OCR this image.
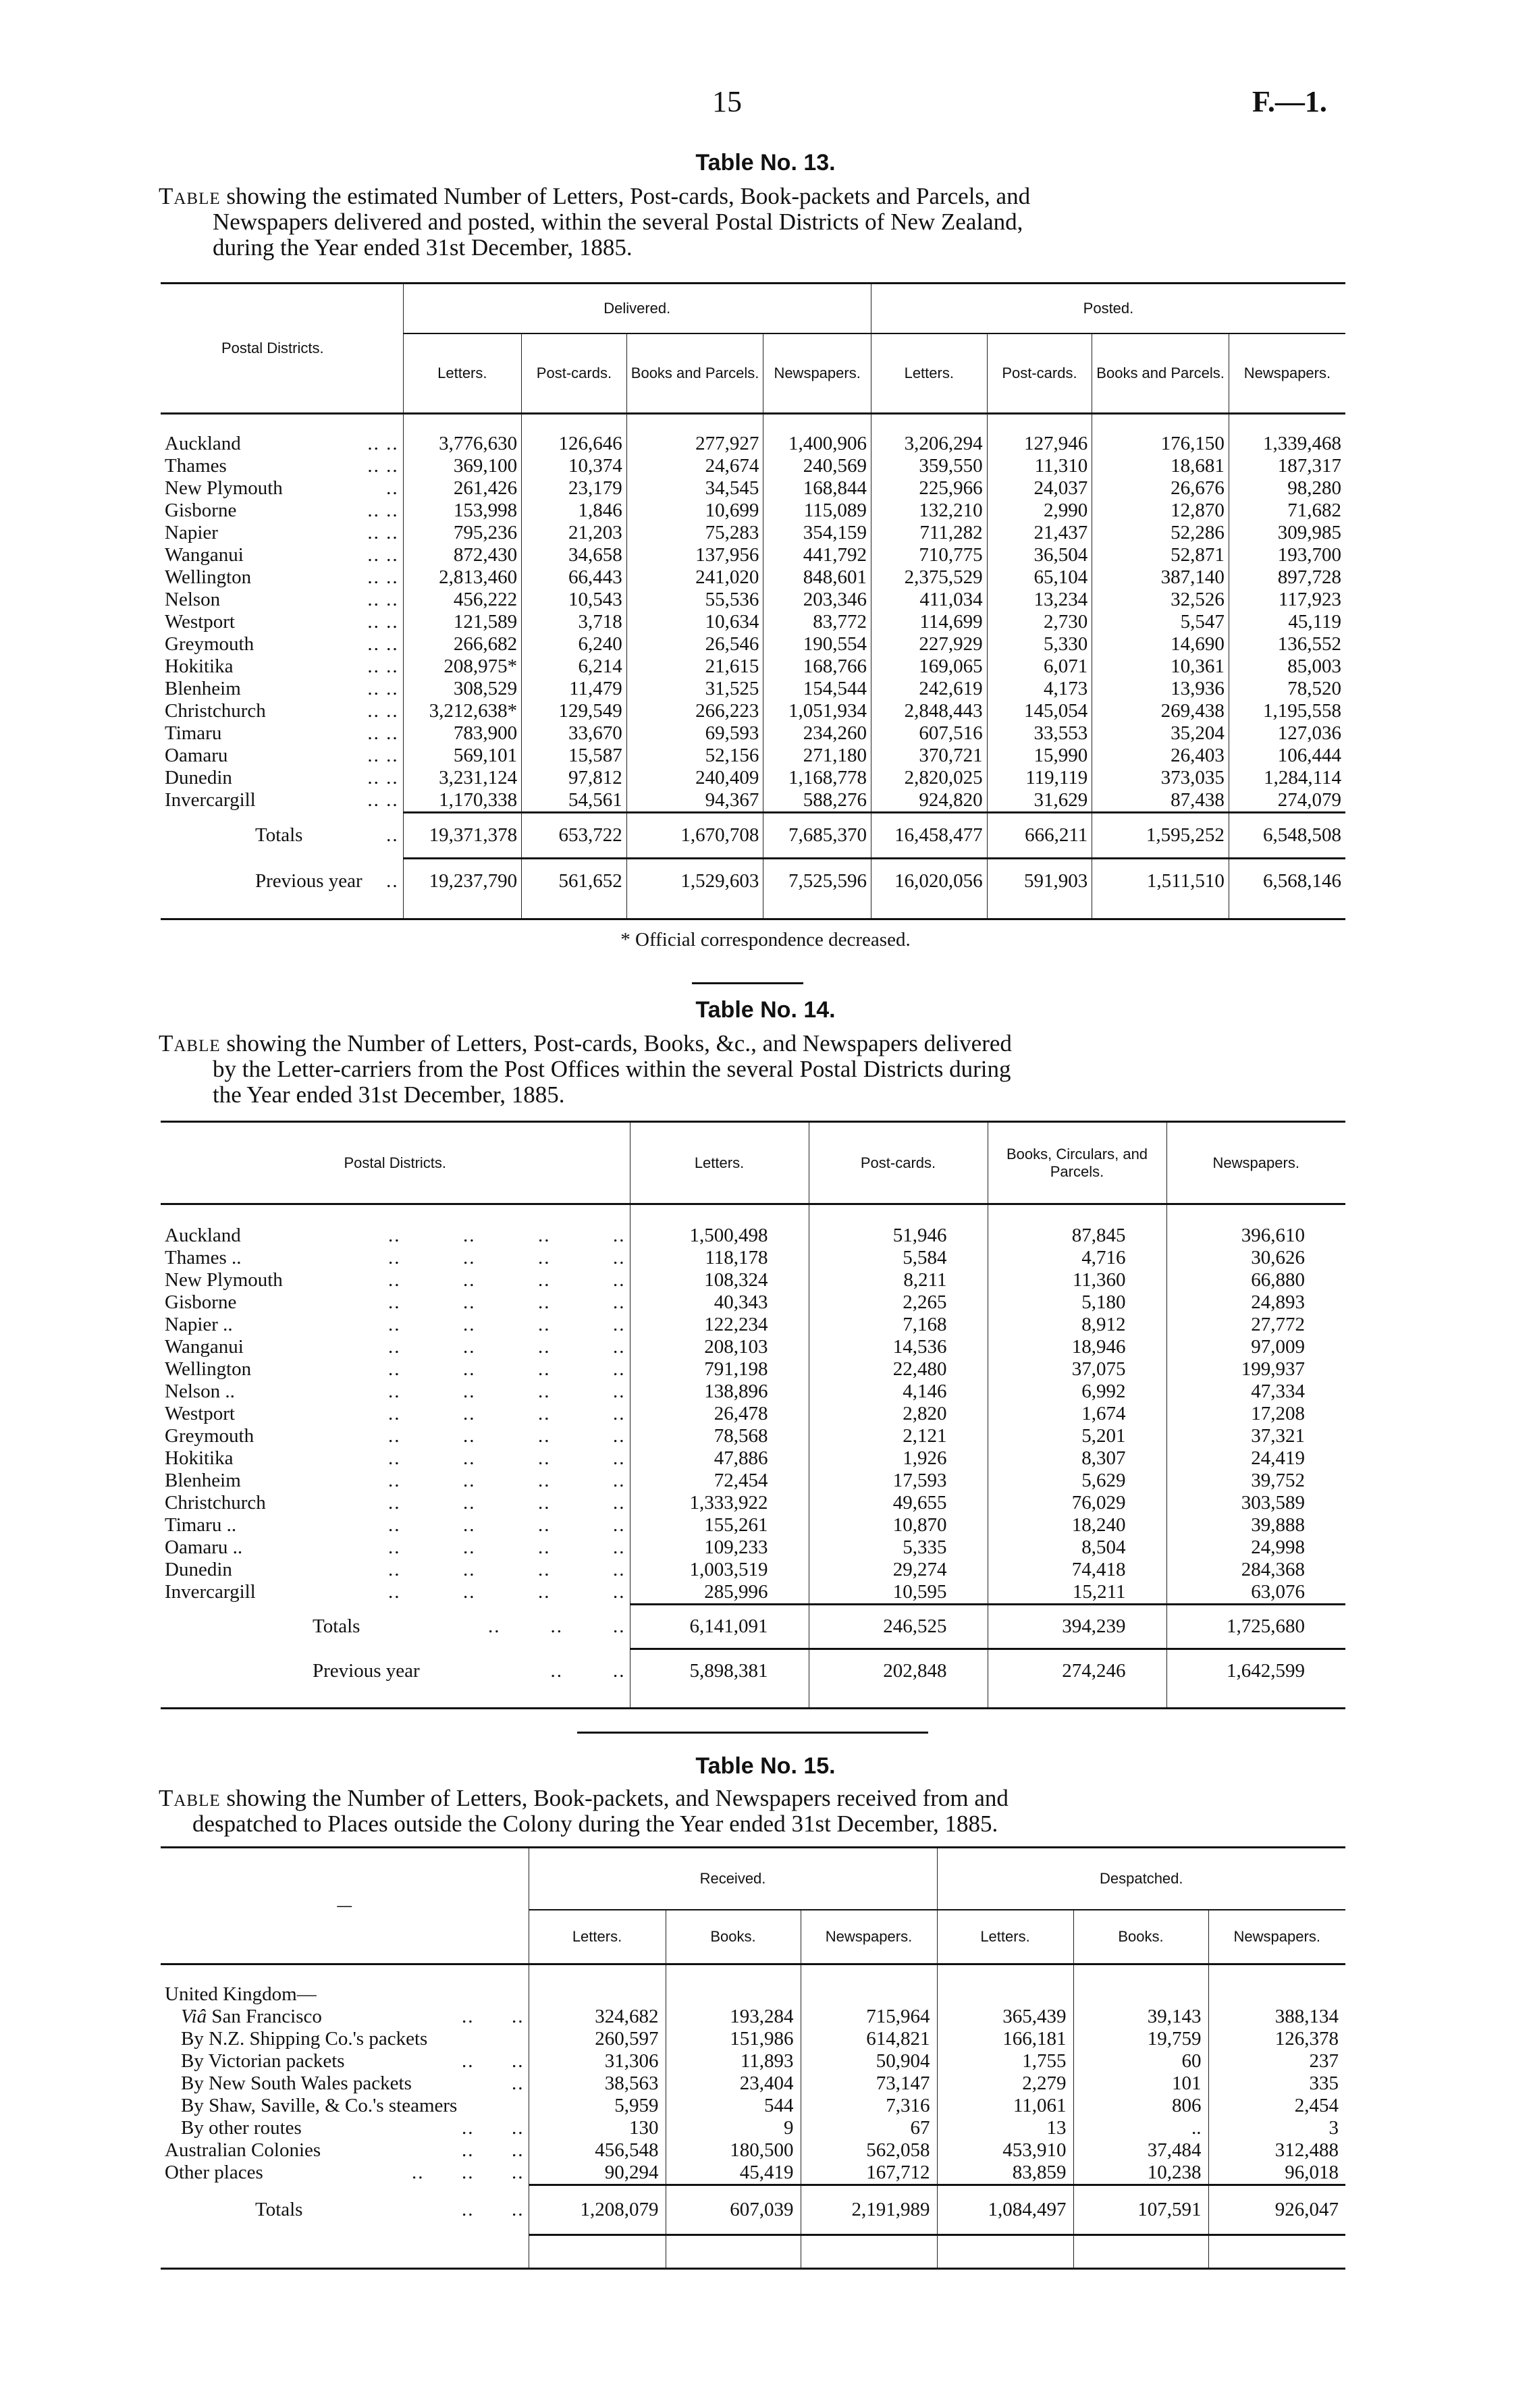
15	F.—1.
Table No. 13.
Table showing the estimated Number of Letters, Post-cards, Book-packets and Parcels, and
Newspapers delivered and posted, within the several Postal Districts of New Zealand,
during the Year ended 31st December, 1885.
Postal Districts.	Delivered.				Posted.			
	Letters.	Post-cards.	Books and Parcels.	Newspapers.	Letters.	Post-cards.	Books and Parcels.	Newspapers.

Auckland .. ..	3,776,630	126,646	277,927	1,400,906	3,206,294	127,946	176,150	1,339,468
Thames .. ..	369,100	10,374	24,674	240,569	359,550	11,310	18,681	187,317
New Plymouth ..	261,426	23,179	34,545	168,844	225,966	24,037	26,676	98,280
Gisborne .. ..	153,998	1,846	10,699	115,089	132,210	2,990	12,870	71,682
Napier .. ..	795,236	21,203	75,283	354,159	711,282	21,437	52,286	309,985
Wanganui .. ..	872,430	34,658	137,956	441,792	710,775	36,504	52,871	193,700
Wellington .. ..	2,813,460	66,443	241,020	848,601	2,375,529	65,104	387,140	897,728
Nelson .. ..	456,222	10,543	55,536	203,346	411,034	13,234	32,526	117,923
Westport .. ..	121,589	3,718	10,634	83,772	114,699	2,730	5,547	45,119
Greymouth .. ..	266,682	6,240	26,546	190,554	227,929	5,330	14,690	136,552
Hokitika .. ..	208,975*	6,214	21,615	168,766	169,065	6,071	10,361	85,003
Blenheim .. ..	308,529	11,479	31,525	154,544	242,619	4,173	13,936	78,520
Christchurch .. ..	3,212,638*	129,549	266,223	1,051,934	2,848,443	145,054	269,438	1,195,558
Timaru .. ..	783,900	33,670	69,593	234,260	607,516	33,553	35,204	127,036
Oamaru .. ..	569,101	15,587	52,156	271,180	370,721	15,990	26,403	106,444
Dunedin .. ..	3,231,124	97,812	240,409	1,168,778	2,820,025	119,119	373,035	1,284,114
Invercargill .. ..	1,170,338	54,561	94,367	588,276	924,820	31,629	87,438	274,079
Totals ..	19,371,378	653,722	1,670,708	7,685,370	16,458,477	666,211	1,595,252	6,548,508
Previous year ..	19,237,790	561,652	1,529,603	7,525,596	16,020,056	591,903	1,511,510	6,568,146

* Official correspondence decreased.
Table No. 14.
Table showing the Number of Letters, Post-cards, Books, &c., and Newspapers delivered
by the Letter-carriers from the Post Offices within the several Postal Districts during
the Year ended 31st December, 1885.
Postal Districts.	Letters.	Post-cards.	Books, Circulars, and Parcels.	Newspapers.

Auckland ..          ..          ..          ..	1,500,498	51,946	87,845	396,610
Thames .. ..          ..          ..          ..	118,178	5,584	4,716	30,626
New Plymouth ..          ..          ..          ..	108,324	8,211	11,360	66,880
Gisborne ..          ..          ..          ..	40,343	2,265	5,180	24,893
Napier .. ..          ..          ..          ..	122,234	7,168	8,912	27,772
Wanganui ..          ..          ..          ..	208,103	14,536	18,946	97,009
Wellington ..          ..          ..          ..	791,198	22,480	37,075	199,937
Nelson .. ..          ..          ..          ..	138,896	4,146	6,992	47,334
Westport ..          ..          ..          ..	26,478	2,820	1,674	17,208
Greymouth ..          ..          ..          ..	78,568	2,121	5,201	37,321
Hokitika ..          ..          ..          ..	47,886	1,926	8,307	24,419
Blenheim ..          ..          ..          ..	72,454	17,593	5,629	39,752
Christchurch ..          ..          ..          ..	1,333,922	49,655	76,029	303,589
Timaru .. ..          ..          ..          ..	155,261	10,870	18,240	39,888
Oamaru .. ..          ..          ..          ..	109,233	5,335	8,504	24,998
Dunedin ..          ..          ..          ..	1,003,519	29,274	74,418	284,368
Invercargill ..          ..          ..          ..	285,996	10,595	15,211	63,076
Totals ..        ..        ..	6,141,091	246,525	394,239	1,725,680
Previous year ..        ..	5,898,381	202,848	274,246	1,642,599

Table No. 15.
Table showing the Number of Letters, Book-packets, and Newspapers received from and
despatched to Places outside the Colony during the Year ended 31st December, 1885.
—	Received.			Despatched.		
	Letters.	Books.	Newspapers.	Letters.	Books.	Newspapers.

United Kingdom—						
Viâ San Francisco ..      ..	324,682	193,284	715,964	365,439	39,143	388,134
By N.Z. Shipping Co.'s packets	260,597	151,986	614,821	166,181	19,759	126,378
By Victorian packets ..      ..	31,306	11,893	50,904	1,755	60	237
By New South Wales packets ..	38,563	23,404	73,147	2,279	101	335
By Shaw, Saville, & Co.'s steamers	5,959	544	7,316	11,061	806	2,454
By other routes ..      ..	130	9	67	13	..	3
Australian Colonies ..      ..	456,548	180,500	562,058	453,910	37,484	312,488
Other places ..      ..      ..	90,294	45,419	167,712	83,859	10,238	96,018
Totals ..      ..	1,208,079	607,039	2,191,989	1,084,497	107,591	926,047
